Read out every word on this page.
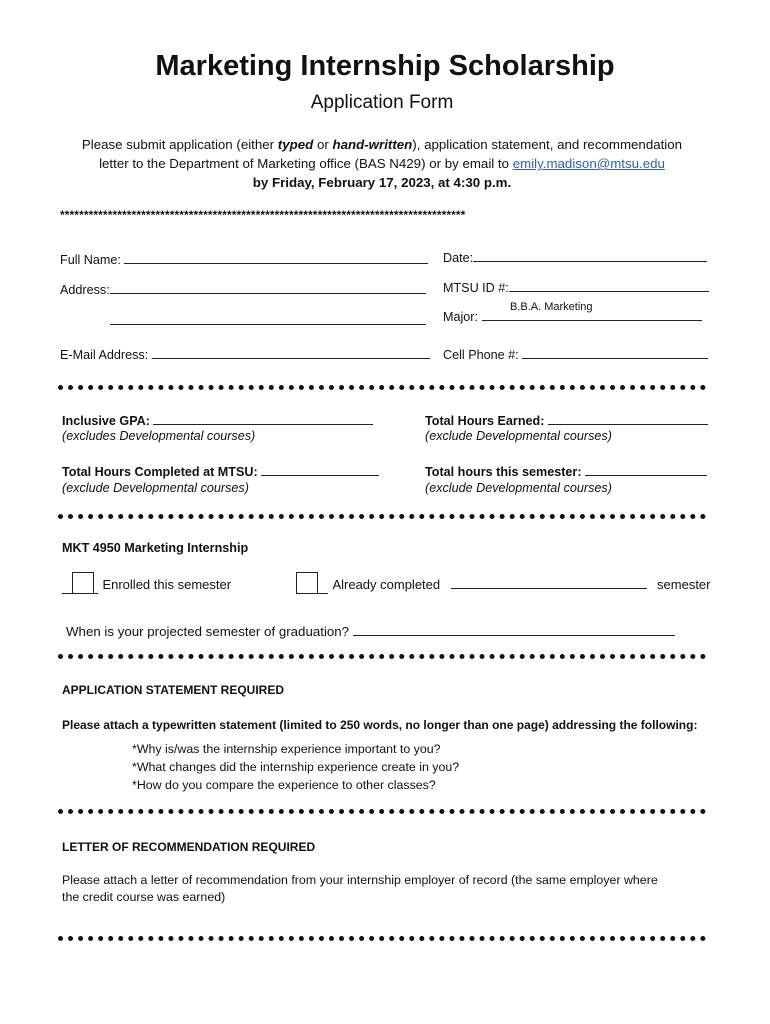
Marketing Internship Scholarship
Application Form
Please submit application (either typed or hand-written), application statement, and recommendation
letter to the Department of Marketing office (BAS N429) or by email to emily.madison@mtsu.edu
by Friday, February 17, 2023, at 4:30 p.m.
*************************************************************************************
Full Name:	Date:
Address:	MTSU ID #:
Major:
B.B.A. Marketing
E-Mail Address:	Cell Phone #:
Inclusive GPA:
(excludes Developmental courses)
Total Hours Earned:
(exclude Developmental courses)
Total Hours Completed at MTSU:
(exclude Developmental courses)
Total hours this semester:
(exclude Developmental courses)
MKT 4950 Marketing Internship
Enrolled this semester	Already completed	semester
When is your projected semester of graduation?
APPLICATION STATEMENT REQUIRED
Please attach a typewritten statement (limited to 250 words, no longer than one page) addressing the following:
*Why is/was the internship experience important to you?
*What changes did the internship experience create in you?
*How do you compare the experience to other classes?
LETTER OF RECOMMENDATION REQUIRED
Please attach a letter of recommendation from your internship employer of record (the same employer where
the credit course was earned)
